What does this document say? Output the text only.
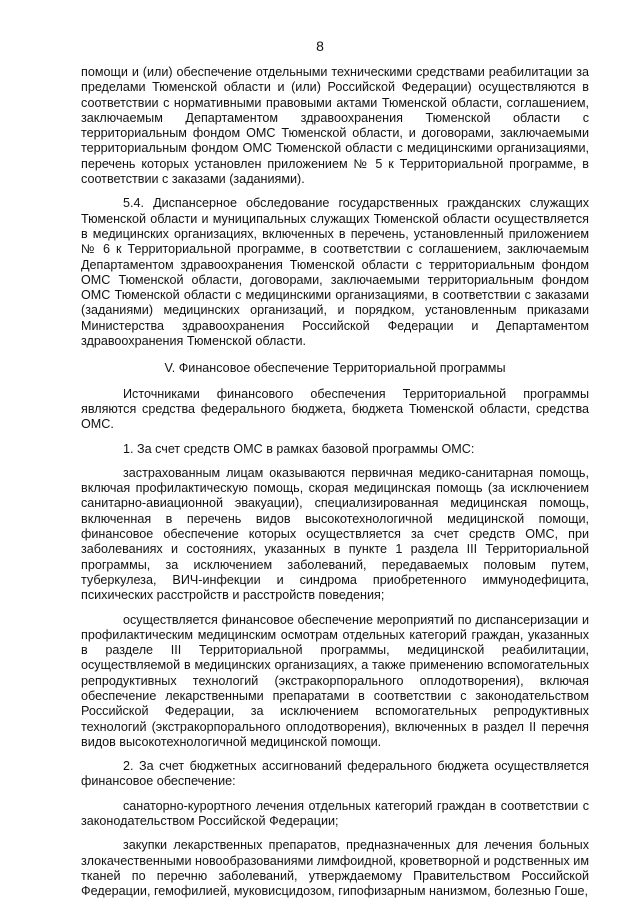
8

помощи и (или) обеспечение отдельными техническими средствами реабилитации за пределами Тюменской области и (или) Российской Федерации) осуществляются в соответствии с нормативными правовыми актами Тюменской области, соглашением, заключаемым Департаментом здравоохранения Тюменской области с территориальным фондом ОМС Тюменской области, и договорами, заключаемыми территориальным фондом ОМС Тюменской области с медицинскими организациями, перечень которых установлен приложением № 5 к Территориальной программе, в соответствии с заказами (заданиями).

5.4. Диспансерное обследование государственных гражданских служащих Тюменской области и муниципальных служащих Тюменской области осуществляется в медицинских организациях, включенных в перечень, установленный приложением № 6 к Территориальной программе, в соответствии с соглашением, заключаемым Департаментом здравоохранения Тюменской области с территориальным фондом ОМС Тюменской области, договорами, заключаемыми территориальным фондом ОМС Тюменской области с медицинскими организациями, в соответствии с заказами (заданиями) медицинских организаций, и порядком, установленным приказами Министерства здравоохранения Российской Федерации и Департаментом здравоохранения Тюменской области.

V. Финансовое обеспечение Территориальной программы

Источниками финансового обеспечения Территориальной программы являются средства федерального бюджета, бюджета Тюменской области, средства ОМС.

1. За счет средств ОМС в рамках базовой программы ОМС:

застрахованным лицам оказываются первичная медико-санитарная помощь, включая профилактическую помощь, скорая медицинская помощь (за исключением санитарно-авиационной эвакуации), специализированная медицинская помощь, включенная в перечень видов высокотехнологичной медицинской помощи, финансовое обеспечение которых осуществляется за счет средств ОМС, при заболеваниях и состояниях, указанных в пункте 1 раздела III Территориальной программы, за исключением заболеваний, передаваемых половым путем, туберкулеза, ВИЧ-инфекции и синдрома приобретенного иммунодефицита, психических расстройств и расстройств поведения;

осуществляется финансовое обеспечение мероприятий по диспансеризации и профилактическим медицинским осмотрам отдельных категорий граждан, указанных в разделе III Территориальной программы, медицинской реабилитации, осуществляемой в медицинских организациях, а также применению вспомогательных репродуктивных технологий (экстракорпорального оплодотворения), включая обеспечение лекарственными препаратами в соответствии с законодательством Российской Федерации, за исключением вспомогательных репродуктивных технологий (экстракорпорального оплодотворения), включенных в раздел II перечня видов высокотехнологичной медицинской помощи.

2. За счет бюджетных ассигнований федерального бюджета осуществляется финансовое обеспечение:

санаторно-курортного лечения отдельных категорий граждан в соответствии с законодательством Российской Федерации;

закупки лекарственных препаратов, предназначенных для лечения больных злокачественными новообразованиями лимфоидной, кроветворной и родственных им тканей по перечню заболеваний, утверждаемому Правительством Российской Федерации, гемофилией, муковисцидозом, гипофизарным нанизмом, болезнью Гоше,
